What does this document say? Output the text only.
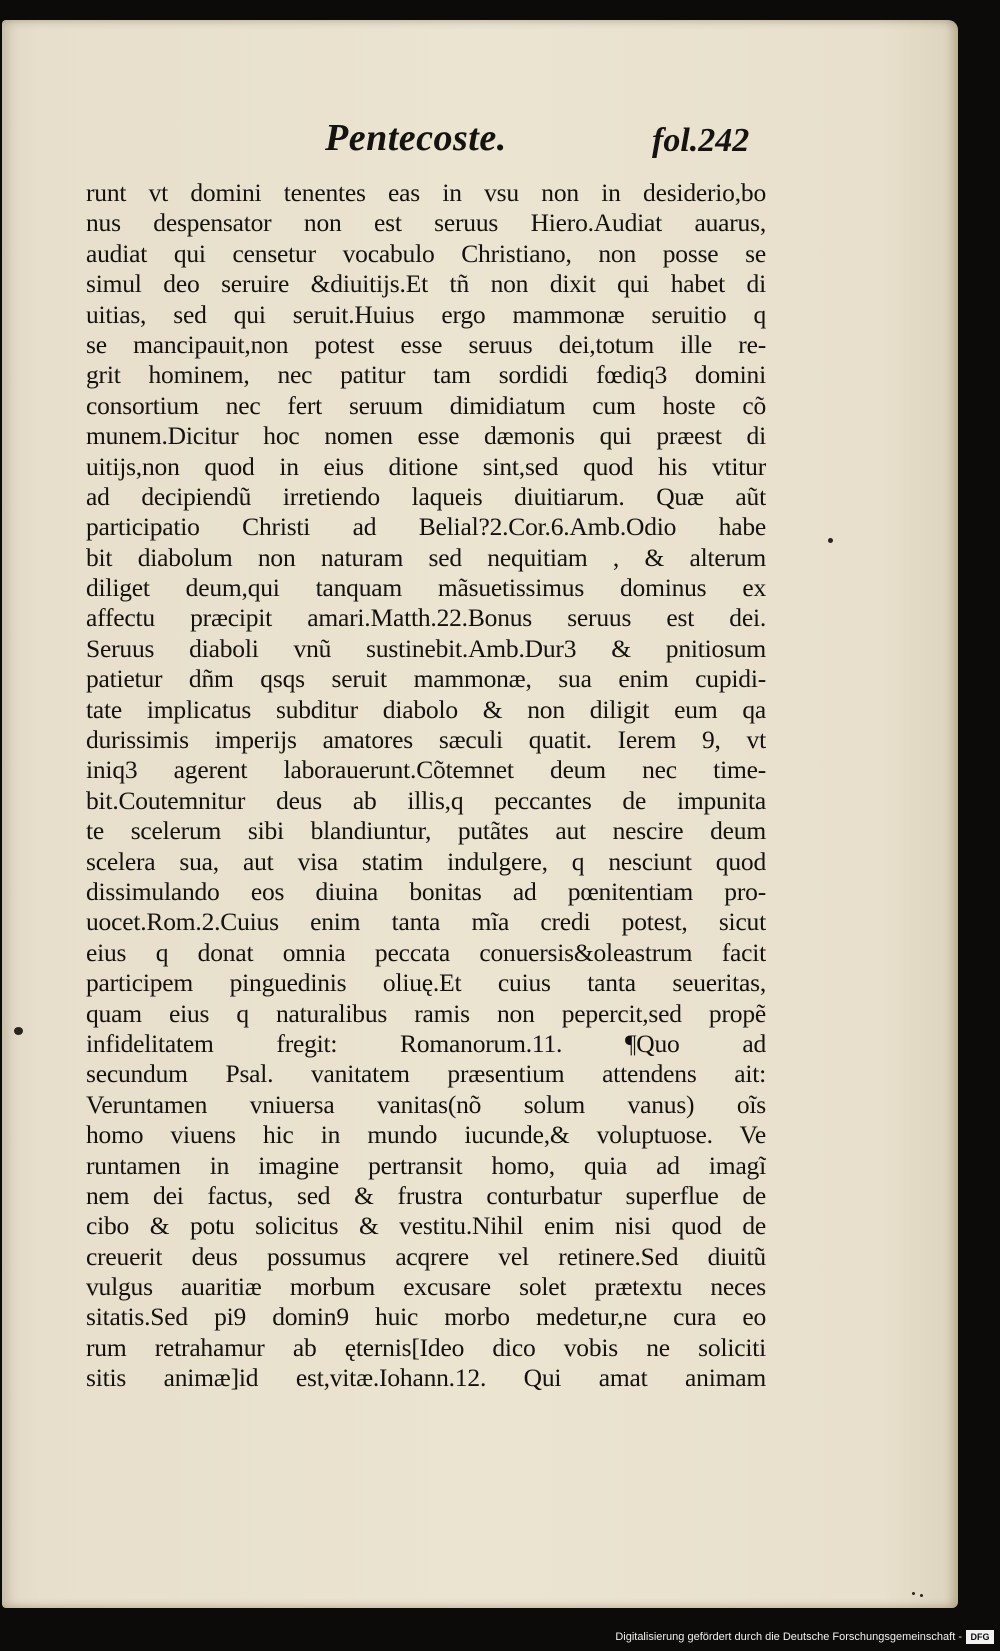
Pentecoste.	fol.242
runt vt domini tenentes eas in vsu non in desiderio,bo
nus despensator non est seruus Hiero.Audiat auarus,
audiat qui censetur vocabulo Christiano, non posse se
simul deo seruire &diuitijs.Et tñ non dixit qui habet di
uitias, sed qui seruit.Huius ergo mammonæ seruitio q
se mancipauit,non potest esse seruus dei,totum ille re-
grit hominem, nec patitur tam sordidi fœdiq3 domini
consortium nec fert seruum dimidiatum cum hoste cõ
munem.Dicitur hoc nomen esse dæmonis qui præest di
uitijs,non quod in eius ditione sint,sed quod his vtitur
ad decipiendũ irretiendo laqueis diuitiarum. Quæ aũt
participatio Christi ad Belial?2.Cor.6.Amb.Odio habe
bit diabolum non naturam sed nequitiam , & alterum
diliget deum,qui tanquam mãsuetissimus dominus ex
affectu præcipit amari.Matth.22.Bonus seruus est dei.
Seruus diaboli vnũ sustinebit.Amb.Dur3 & pnitiosum
patietur dñm qsqs seruit mammonæ, sua enim cupidi-
tate implicatus subditur diabolo & non diligit eum qa
durissimis imperijs amatores sæculi quatit. Ierem 9, vt
iniq3 agerent laborauerunt.Cõtemnet deum nec time-
bit.Coutemnitur deus ab illis,q peccantes de impunita
te scelerum sibi blandiuntur, putãtes aut nescire deum
scelera sua, aut visa statim indulgere, q nesciunt quod
dissimulando eos diuina bonitas ad pœnitentiam pro-
uocet.Rom.2.Cuius enim tanta mĩa credi potest, sicut
eius q donat omnia peccata conuersis&oleastrum facit
participem pinguedinis oliuę.Et cuius tanta seueritas,
quam eius q naturalibus ramis non pepercit,sed propẽ
infidelitatem fregit: Romanorum.11. ¶Quo ad
secundum Psal. vanitatem præsentium attendens ait:
Veruntamen vniuersa vanitas(nõ solum vanus) oĩs
homo viuens hic in mundo iucunde,& voluptuose. Ve
runtamen in imagine pertransit homo, quia ad imagĩ
nem dei factus, sed & frustra conturbatur superflue de
cibo & potu solicitus & vestitu.Nihil enim nisi quod de
creuerit deus possumus acqrere vel retinere.Sed diuitũ
vulgus auaritiæ morbum excusare solet prætextu neces
sitatis.Sed pi9 domin9 huic morbo medetur,ne cura eo
rum retrahamur ab ęternis[Ideo dico vobis ne soliciti
sitis animæ]id est,vitæ.Iohann.12. Qui amat animam
Digitalisierung gefördert durch die Deutsche Forschungsgemeinschaft - DFG
